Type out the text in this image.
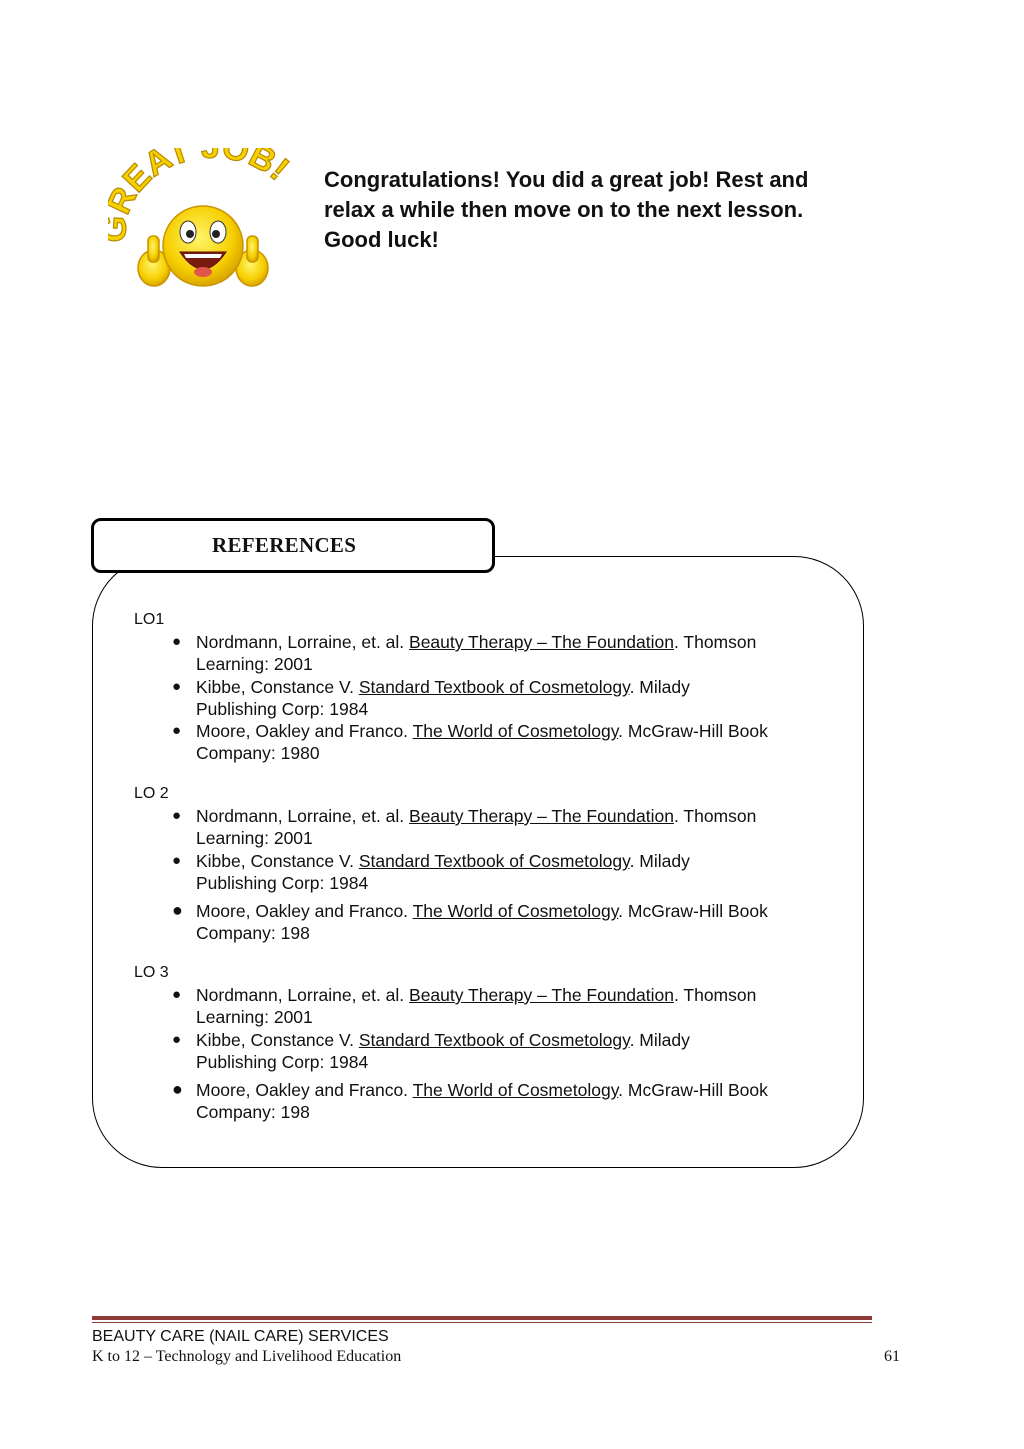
EAT OB! Congratulations! You did a great job! Rest and
relax a while then move on to the next lesson.
Good luck!
REFERENCES
LO1
● Nordmann, Lorraine, et. al. Beauty Therapy – The Foundation. Thomson
Learning: 2001
● Kibbe, Constance V. Standard Textbook of Cosmetology. Milady
Publishing Corp: 1984
● Moore, Oakley and Franco. The World of Cosmetology. McGraw-Hill Book
Company: 1980
LO 2
● Nordmann, Lorraine, et. al. Beauty Therapy – The Foundation. Thomson
Learning: 2001
● Kibbe, Constance V. Standard Textbook of Cosmetology. Milady
Publishing Corp: 1984
● Moore, Oakley and Franco. The World of Cosmetology. McGraw-Hill Book
Company: 198
LO 3
● Nordmann, Lorraine, et. al. Beauty Therapy – The Foundation. Thomson
Learning: 2001
● Kibbe, Constance V. Standard Textbook of Cosmetology. Milady
Publishing Corp: 1984
● Moore, Oakley and Franco. The World of Cosmetology. McGraw-Hill Book
Company: 198
BEAUTY CARE (NAIL CARE) SERVICES
K to 12 – Technology and Livelihood Education	61
